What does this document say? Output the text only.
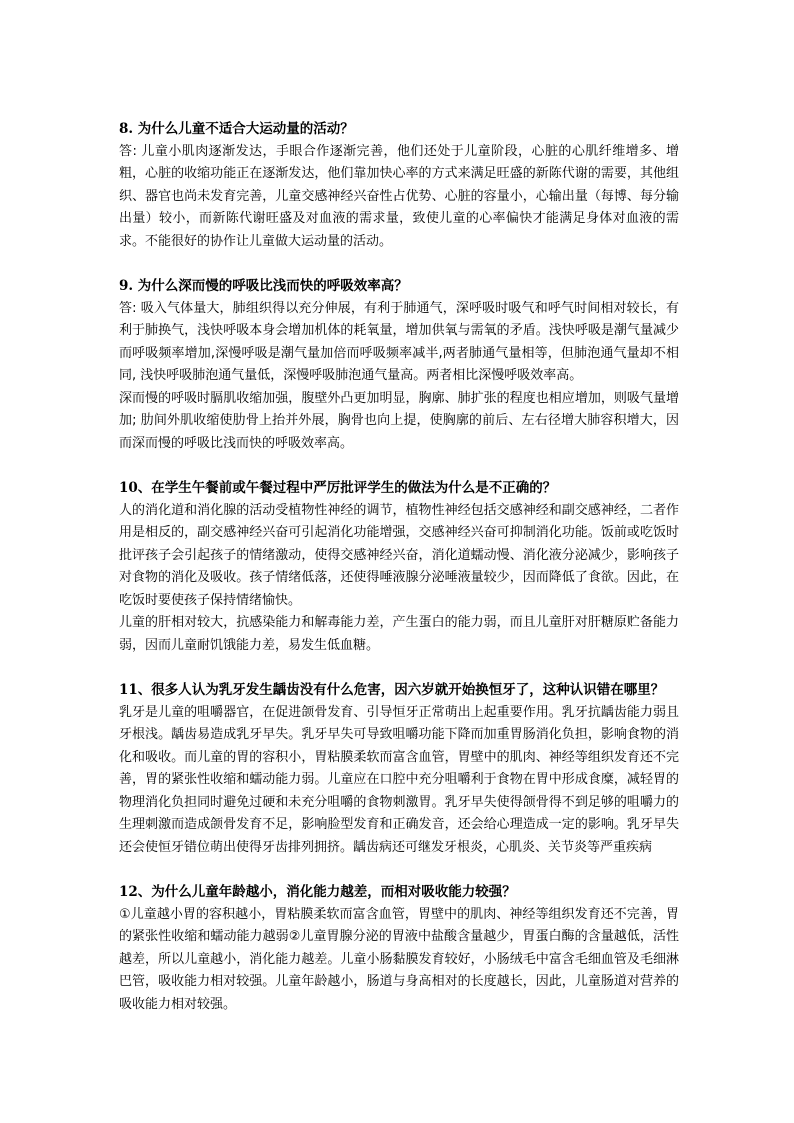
8. 为什么儿童不适合大运动量的活动？

答: 儿童小肌肉逐渐发达，手眼合作逐渐完善，他们还处于儿童阶段，心脏的心肌纤维增多、增粗，心脏的收缩功能正在逐渐发达，他们靠加快心率的方式来满足旺盛的新陈代谢的需要，其他组织、器官也尚未发育完善，儿童交感神经兴奋性占优势、心脏的容量小，心输出量（每博、每分输出量）较小，而新陈代谢旺盛及对血液的需求量，致使儿童的心率偏快才能满足身体对血液的需求。不能很好的协作让儿童做大运动量的活动。

9. 为什么深而慢的呼吸比浅而快的呼吸效率高？

答: 吸入气体量大，肺组织得以充分伸展，有利于肺通气，深呼吸时吸气和呼气时间相对较长，有利于肺换气，浅快呼吸本身会增加机体的耗氧量，增加供氧与需氧的矛盾。浅快呼吸是潮气量减少而呼吸频率增加,深慢呼吸是潮气量加倍而呼吸频率减半,两者肺通气量相等，但肺泡通气量却不相同, 浅快呼吸肺泡通气量低，深慢呼吸肺泡通气量高。两者相比深慢呼吸效率高。

深而慢的呼吸时膈肌收缩加强，腹壁外凸更加明显，胸廓、肺扩张的程度也相应增加，则吸气量增加; 肋间外肌收缩使肋骨上抬并外展，胸骨也向上提，使胸廓的前后、左右径增大肺容积增大，因而深而慢的呼吸比浅而快的呼吸效率高。

10、在学生午餐前或午餐过程中严厉批评学生的做法为什么是不正确的？

人的消化道和消化腺的活动受植物性神经的调节，植物性神经包括交感神经和副交感神经，二者作用是相反的，副交感神经兴奋可引起消化功能增强，交感神经兴奋可抑制消化功能。饭前或吃饭时批评孩子会引起孩子的情绪激动，使得交感神经兴奋，消化道蠕动慢、消化液分泌减少，影响孩子对食物的消化及吸收。孩子情绪低落，还使得唾液腺分泌唾液量较少，因而降低了食欲。因此，在吃饭时要使孩子保持情绪愉快。

儿童的肝相对较大，抗感染能力和解毒能力差，产生蛋白的能力弱，而且儿童肝对肝糖原贮备能力弱，因而儿童耐饥饿能力差，易发生低血糖。

11、很多人认为乳牙发生龋齿没有什么危害，因六岁就开始换恒牙了，这种认识错在哪里？

乳牙是儿童的咀嚼器官，在促进颌骨发育、引导恒牙正常萌出上起重要作用。乳牙抗龋齿能力弱且牙根浅。龋齿易造成乳牙早失。乳牙早失可导致咀嚼功能下降而加重胃肠消化负担，影响食物的消化和吸收。而儿童的胃的容积小，胃粘膜柔软而富含血管，胃壁中的肌肉、神经等组织发育还不完善，胃的紧张性收缩和蠕动能力弱。儿童应在口腔中充分咀嚼利于食物在胃中形成食糜，减轻胃的物理消化负担同时避免过硬和未充分咀嚼的食物刺激胃。乳牙早失使得颌骨得不到足够的咀嚼力的生理刺激而造成颌骨发育不足，影响脸型发育和正确发音，还会给心理造成一定的影响。乳牙早失还会使恒牙错位萌出使得牙齿排列拥挤。龋齿病还可继发牙根炎，心肌炎、关节炎等严重疾病

12、为什么儿童年龄越小，消化能力越差，而相对吸收能力较强？

①儿童越小胃的容积越小，胃粘膜柔软而富含血管，胃壁中的肌肉、神经等组织发育还不完善，胃的紧张性收缩和蠕动能力越弱②儿童胃腺分泌的胃液中盐酸含量越少，胃蛋白酶的含量越低，活性越差，所以儿童越小，消化能力越差。儿童小肠黏膜发育较好，小肠绒毛中富含毛细血管及毛细淋巴管，吸收能力相对较强。儿童年龄越小，肠道与身高相对的长度越长，因此，儿童肠道对营养的吸收能力相对较强。
